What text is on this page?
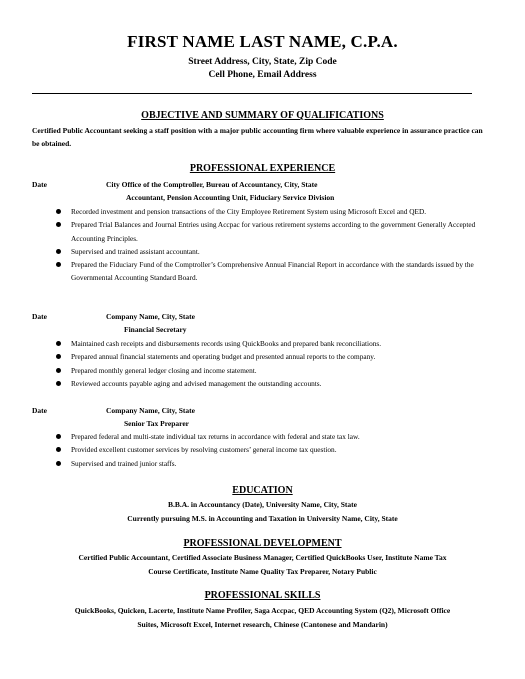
FIRST NAME LAST NAME, C.P.A.
Street Address, City, State, Zip Code
Cell Phone, Email Address
OBJECTIVE AND SUMMARY OF QUALIFICATIONS
Certified Public Accountant seeking a staff position with a major public accounting firm where valuable experience in assurance practice can be obtained.
PROFESSIONAL EXPERIENCE
Date	City Office of the Comptroller, Bureau of Accountancy, City, State
Accountant, Pension Accounting Unit, Fiduciary Service Division
Recorded investment and pension transactions of the City Employee Retirement System using Microsoft Excel and QED.
Prepared Trial Balances and Journal Entries using Accpac for various retirement systems according to the government Generally Accepted Accounting Principles.
Supervised and trained assistant accountant.
Prepared the Fiduciary Fund of the Comptroller’s Comprehensive Annual Financial Report in accordance with the standards issued by the Governmental Accounting Standard Board.
Date	Company Name, City, State
Financial Secretary
Maintained cash receipts and disbursements records using QuickBooks and prepared bank reconciliations.
Prepared annual financial statements and operating budget and presented annual reports to the company.
Prepared monthly general ledger closing and income statement.
Reviewed accounts payable aging and advised management the outstanding accounts.
Date	Company Name, City, State
Senior Tax Preparer
Prepared federal and multi-state individual tax returns in accordance with federal and state tax law.
Provided excellent customer services by resolving customers’ general income tax question.
Supervised and trained junior staffs.
EDUCATION
B.B.A. in Accountancy (Date), University Name, City, State
Currently pursuing M.S. in Accounting and Taxation in University Name, City, State
PROFESSIONAL DEVELOPMENT
Certified Public Accountant, Certified Associate Business Manager, Certified QuickBooks User, Institute Name Tax
Course Certificate, Institute Name Quality Tax Preparer, Notary Public
PROFESSIONAL SKILLS
QuickBooks, Quicken, Lacerte, Institute Name Profiler, Saga Accpac, QED Accounting System (Q2), Microsoft Office
Suites, Microsoft Excel, Internet research, Chinese (Cantonese and Mandarin)
